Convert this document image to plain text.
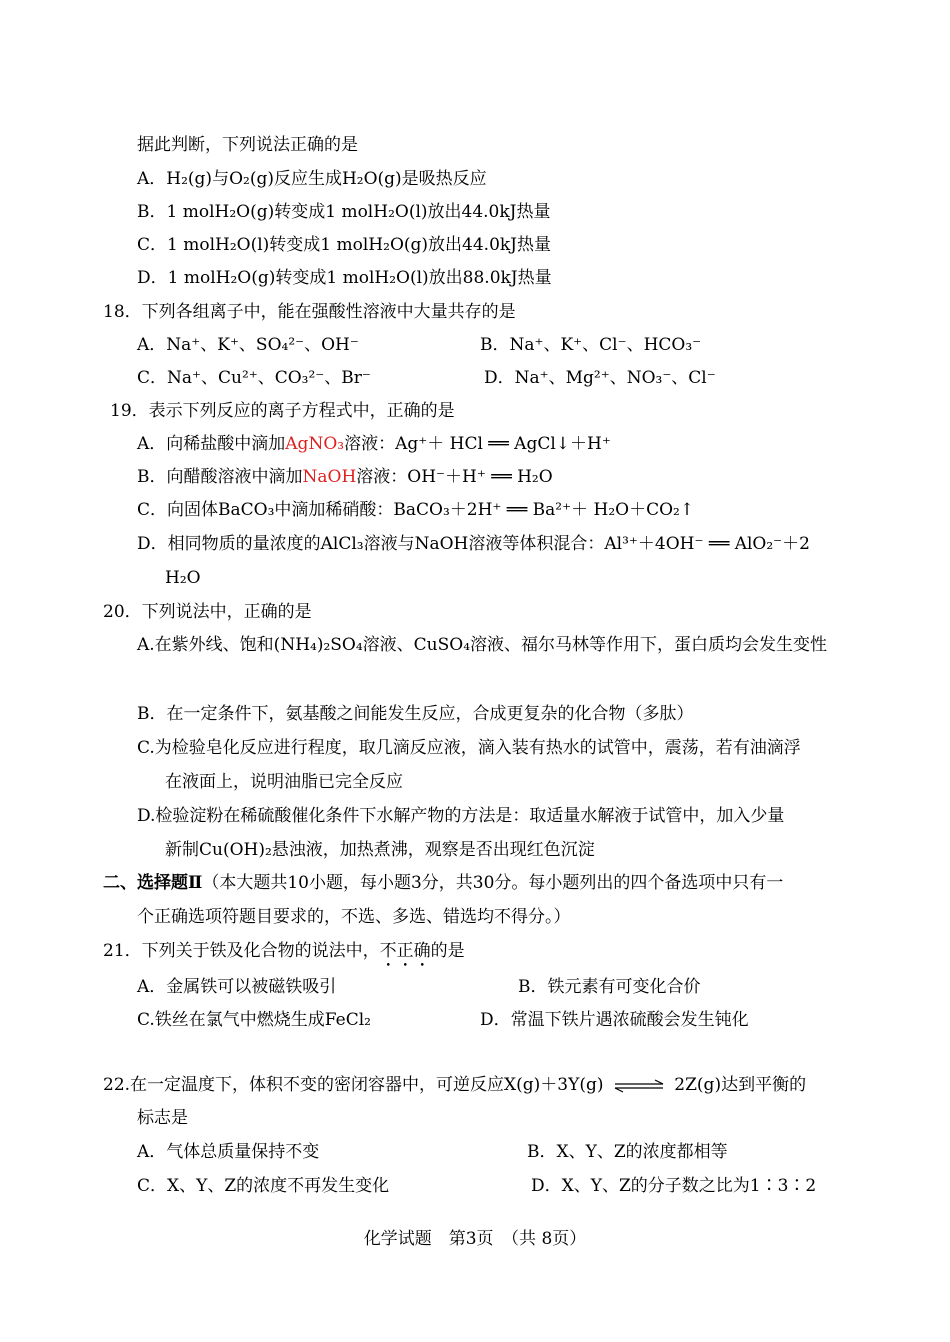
据此判断，下列说法正确的是
A．H₂(g)与O₂(g)反应生成H₂O(g)是吸热反应
B．1 molH₂O(g)转变成1 molH₂O(l)放出44.0kJ热量
C．1 molH₂O(l)转变成1 molH₂O(g)放出44.0kJ热量
D．1 molH₂O(g)转变成1 molH₂O(l)放出88.0kJ热量
18．下列各组离子中，能在强酸性溶液中大量共存的是
A．Na⁺、K⁺、SO₄²⁻、OH⁻	B．Na⁺、K⁺、Cl⁻、HCO₃⁻
C．Na⁺、Cu²⁺、CO₃²⁻、Br⁻	D．Na⁺、Mg²⁺、NO₃⁻、Cl⁻
19．表示下列反应的离子方程式中，正确的是
A．向稀盐酸中滴加AgNO₃溶液：Ag⁺＋ HCl ══ AgCl↓＋H⁺
B．向醋酸溶液中滴加NaOH溶液：OH⁻＋H⁺ ══ H₂O
C．向固体BaCO₃中滴加稀硝酸：BaCO₃＋2H⁺ ══ Ba²⁺＋ H₂O＋CO₂↑
D．相同物质的量浓度的AlCl₃溶液与NaOH溶液等体积混合：Al³⁺＋4OH⁻ ══ AlO₂⁻＋2
H₂O
20．下列说法中，正确的是
A.在紫外线、饱和(NH₄)₂SO₄溶液、CuSO₄溶液、福尔马林等作用下，蛋白质均会发生变性
B．在一定条件下，氨基酸之间能发生反应，合成更复杂的化合物（多肽）
C.为检验皂化反应进行程度，取几滴反应液，滴入装有热水的试管中，震荡，若有油滴浮
在液面上，说明油脂已完全反应
D.检验淀粉在稀硫酸催化条件下水解产物的方法是：取适量水解液于试管中，加入少量
新制Cu(OH)₂悬浊液，加热煮沸，观察是否出现红色沉淀
二、选择题Ⅱ（本大题共10小题，每小题3分，共30分。每小题列出的四个备选项中只有一
个正确选项符题目要求的，不选、多选、错选均不得分。）
21．下列关于铁及化合物的说法中，不正确的是
A．金属铁可以被磁铁吸引	B．铁元素有可变化合价
C.铁丝在氯气中燃烧生成FeCl₂	D．常温下铁片遇浓硫酸会发生钝化
22.在一定温度下，体积不变的密闭容器中，可逆反应X(g)＋3Y(g) ⇌ 2Z(g)达到平衡的
标志是
A．气体总质量保持不变	B．X、Y、Z的浓度都相等
C．X、Y、Z的浓度不再发生变化	D．X、Y、Z的分子数之比为1∶3∶2
化学试题　第3页　（共 8页）
